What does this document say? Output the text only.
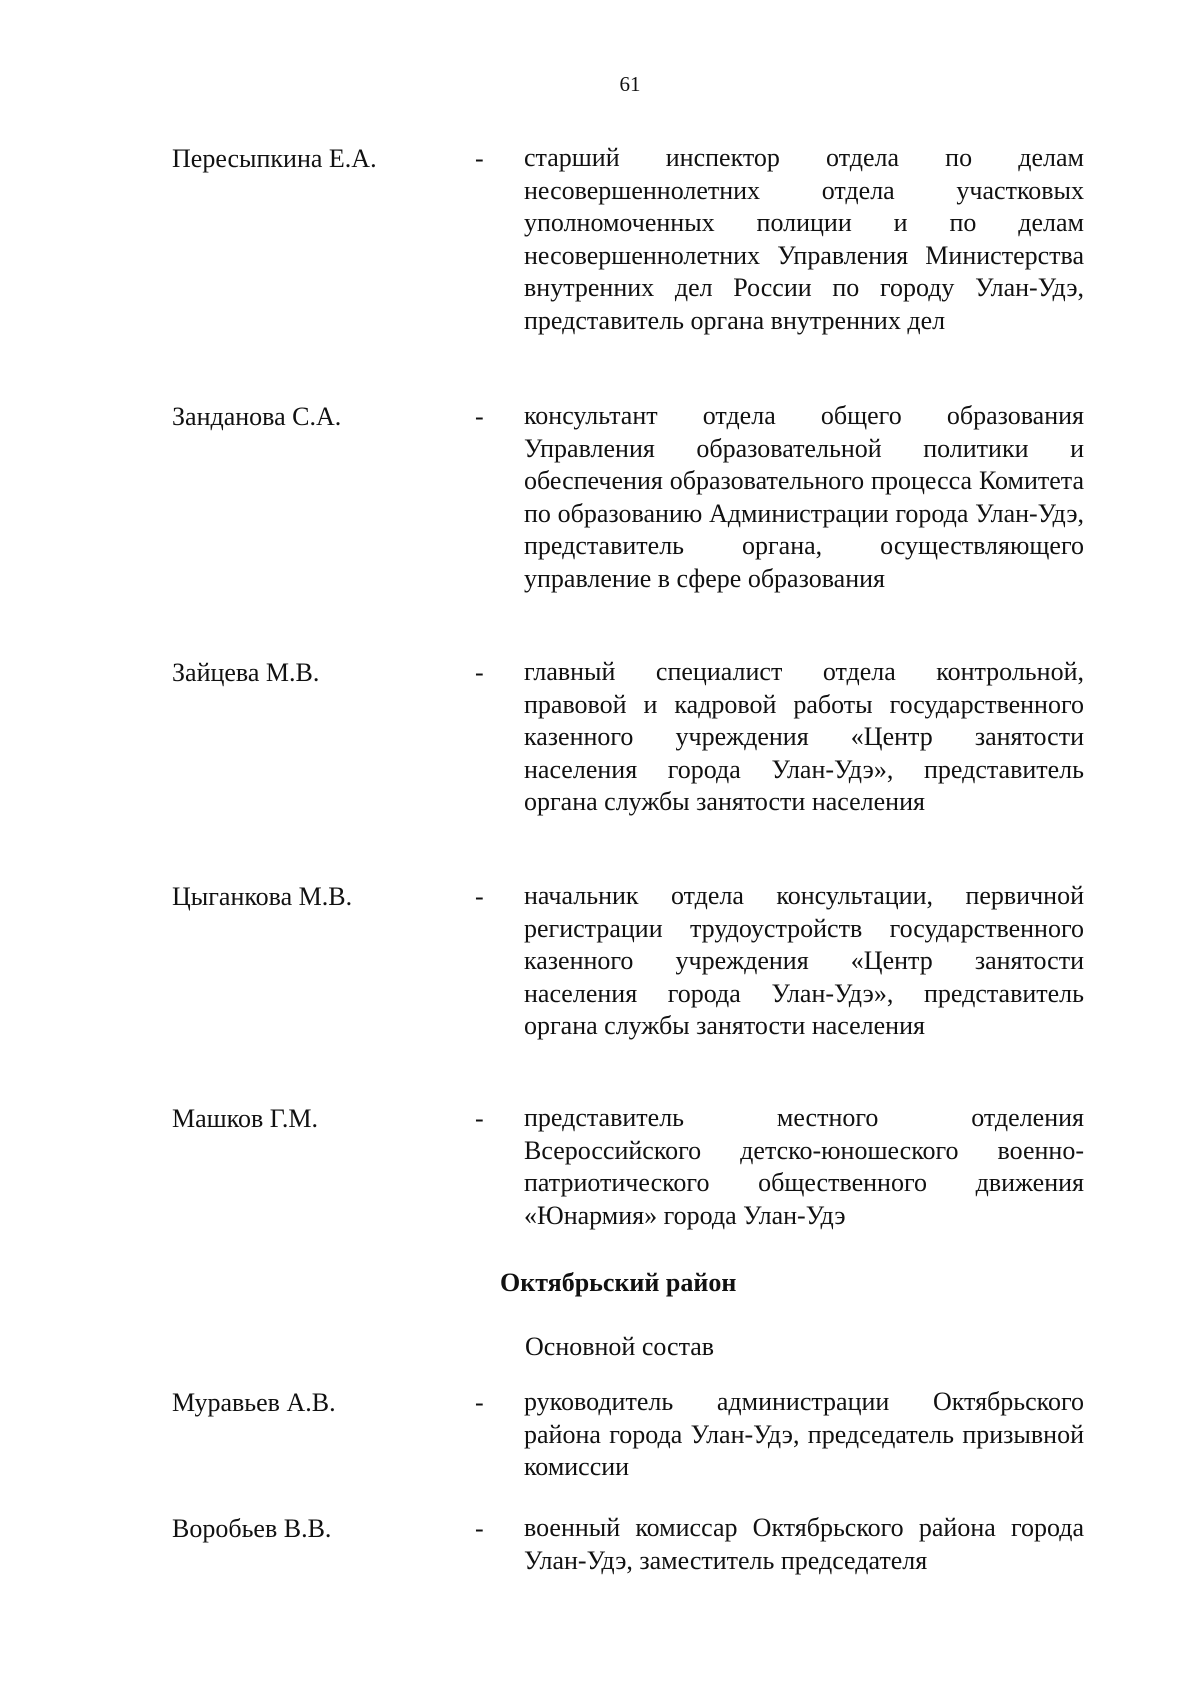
61
Пересыпкина Е.А.	- старший инспектор отдела по делам несовершеннолетних отдела участковых уполномоченных полиции и по делам несовершеннолетних Управления Министерства внутренних дел России по городу Улан-Удэ, представитель органа внутренних дел

Занданова С.А.	- консультант отдела общего образования Управления образовательной политики и обеспечения образовательного процесса Комитета по образованию Администрации города Улан-Удэ, представитель органа, осуществляющего управление в сфере образования

Зайцева М.В.	- главный специалист отдела контрольной, правовой и кадровой работы государственного казенного учреждения «Центр занятости населения города Улан-Удэ», представитель органа службы занятости населения

Цыганкова М.В.	- начальник отдела консультации, первичной регистрации трудоустройств государственного казенного учреждения «Центр занятости населения города Улан-Удэ», представитель органа службы занятости населения

Машков Г.М.	- представитель местного отделения Всероссийского детско-юношеского военно-патриотического общественного движения «Юнармия» города Улан-Удэ

Октябрьский район

Основной состав

Муравьев А.В.	- руководитель администрации Октябрьского района города Улан-Удэ, председатель призывной комиссии

Воробьев В.В.	- военный комиссар Октябрьского района города Улан-Удэ, заместитель председателя
